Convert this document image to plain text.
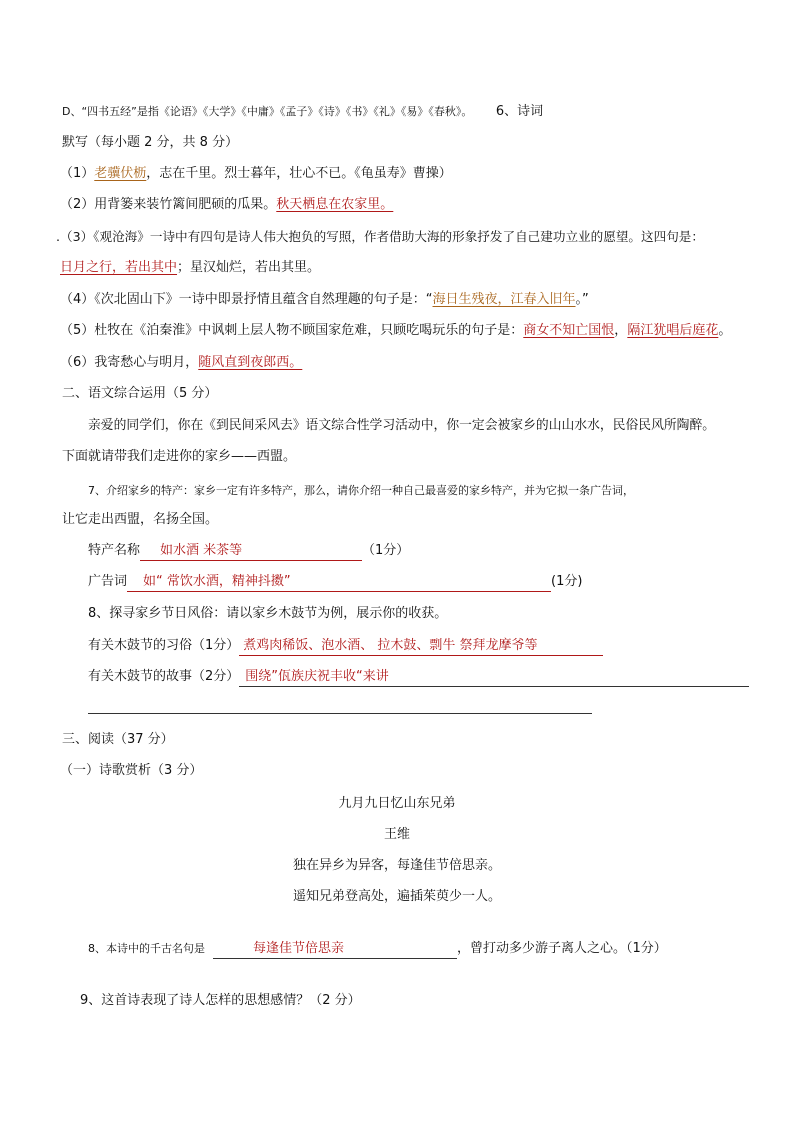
D、“四书五经”是指《论语》《大学》《中庸》《孟子》《诗》《书》《礼》《易》《春秋》。 6、诗词
默写（每小题 2 分，共 8 分）
（1）老骥伏枥，志在千里。烈士暮年，壮心不已。《龟虽寿》曹操）
（2）用背篓来装竹篱间肥硕的瓜果。秋天栖息在农家里。
.（3）《观沧海》一诗中有四句是诗人伟大抱负的写照，作者借助大海的形象抒发了自己建功立业的愿望。这四句是：
日月之行，若出其中；星汉灿烂，若出其里。
（4）《次北固山下》一诗中即景抒情且蕴含自然理趣的句子是：“海日生残夜，江春入旧年。”
（5）杜牧在《泊秦淮》中讽刺上层人物不顾国家危难，只顾吃喝玩乐的句子是：商女不知亡国恨，隔江犹唱后庭花。
（6）我寄愁心与明月，随风直到夜郎西。
二、语文综合运用（5 分）
亲爱的同学们，你在《到民间采风去》语文综合性学习活动中，你一定会被家乡的山山水水，民俗民风所陶醉。
下面就请带我们走进你的家乡——西盟。
7、介绍家乡的特产：家乡一定有许多特产，那么，请你介绍一种自己最喜爱的家乡特产，并为它拟一条广告词，
让它走出西盟，名扬全国。
特产名称 如水酒 米茶等	（1分）
广告词 如“ 常饮水酒，精神抖擞”	(1分)
8、探寻家乡节日风俗：请以家乡木鼓节为例，展示你的收获。
有关木鼓节的习俗（1分） 煮鸡肉稀饭、泡水酒、 拉木鼓、剽牛 祭拜龙摩爷等
有关木鼓节的故事（2分） 围绕”佤族庆祝丰收“来讲
三、阅读（37 分）
（一）诗歌赏析（3 分）
九月九日忆山东兄弟
王维
独在异乡为异客，每逢佳节倍思亲。
遥知兄弟登高处，遍插茱萸少一人。
8、本诗中的千古名句是	每逢佳节倍思亲	，曾打动多少游子离人之心。（1分）
9、这首诗表现了诗人怎样的思想感情？（2 分）
